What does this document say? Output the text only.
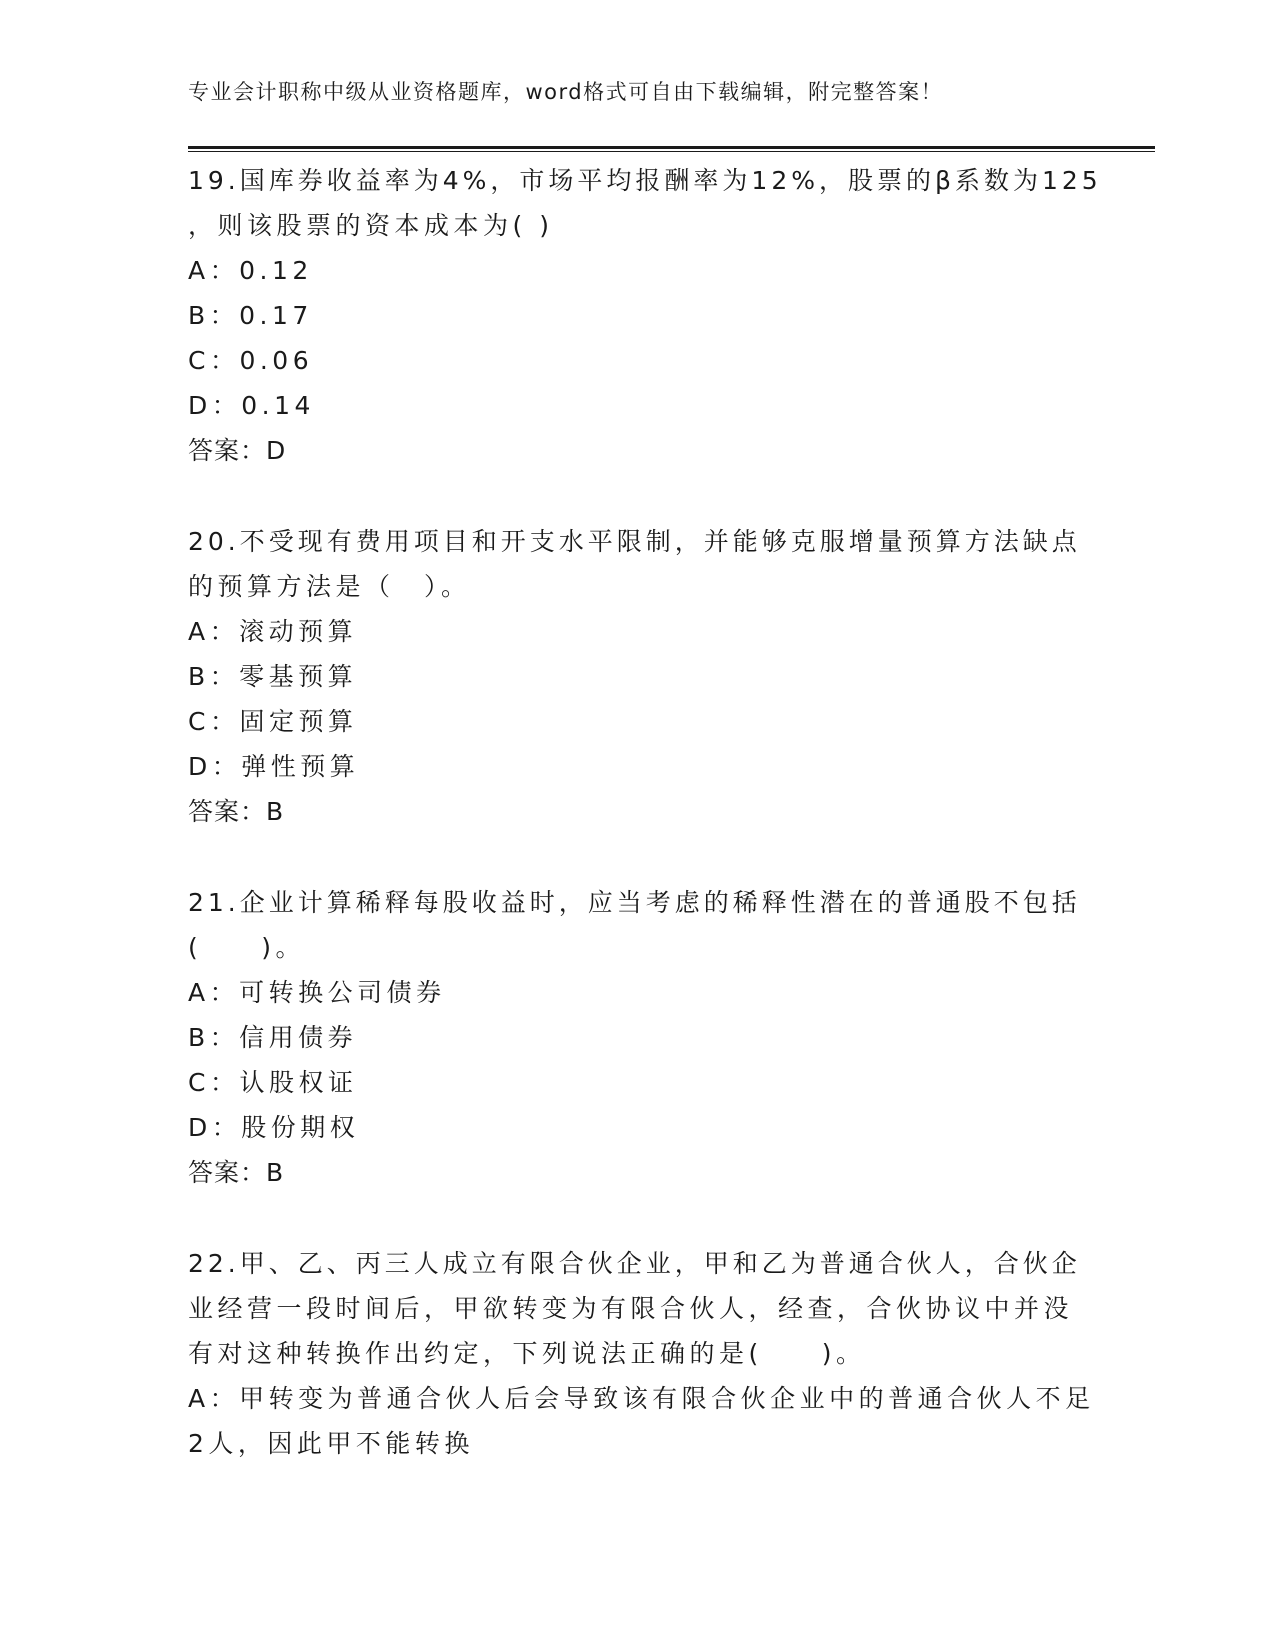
专业会计职称中级从业资格题库，word格式可自由下载编辑，附完整答案！
19.国库券收益率为4%，市场平均报酬率为12%，股票的β系数为125
，则该股票的资本成本为( )
A：0.12
B：0.17
C：0.06
D：0.14
答案：D
20.不受现有费用项目和开支水平限制，并能够克服增量预算方法缺点
的预算方法是（　）。
A：滚动预算
B：零基预算
C：固定预算
D：弹性预算
答案：B
21.企业计算稀释每股收益时，应当考虑的稀释性潜在的普通股不包括
(　　)。
A：可转换公司债券
B：信用债券
C：认股权证
D：股份期权
答案：B
22.甲、乙、丙三人成立有限合伙企业，甲和乙为普通合伙人，合伙企
业经营一段时间后，甲欲转变为有限合伙人，经查，合伙协议中并没
有对这种转换作出约定，下列说法正确的是(　　)。
A：甲转变为普通合伙人后会导致该有限合伙企业中的普通合伙人不足
2人，因此甲不能转换
